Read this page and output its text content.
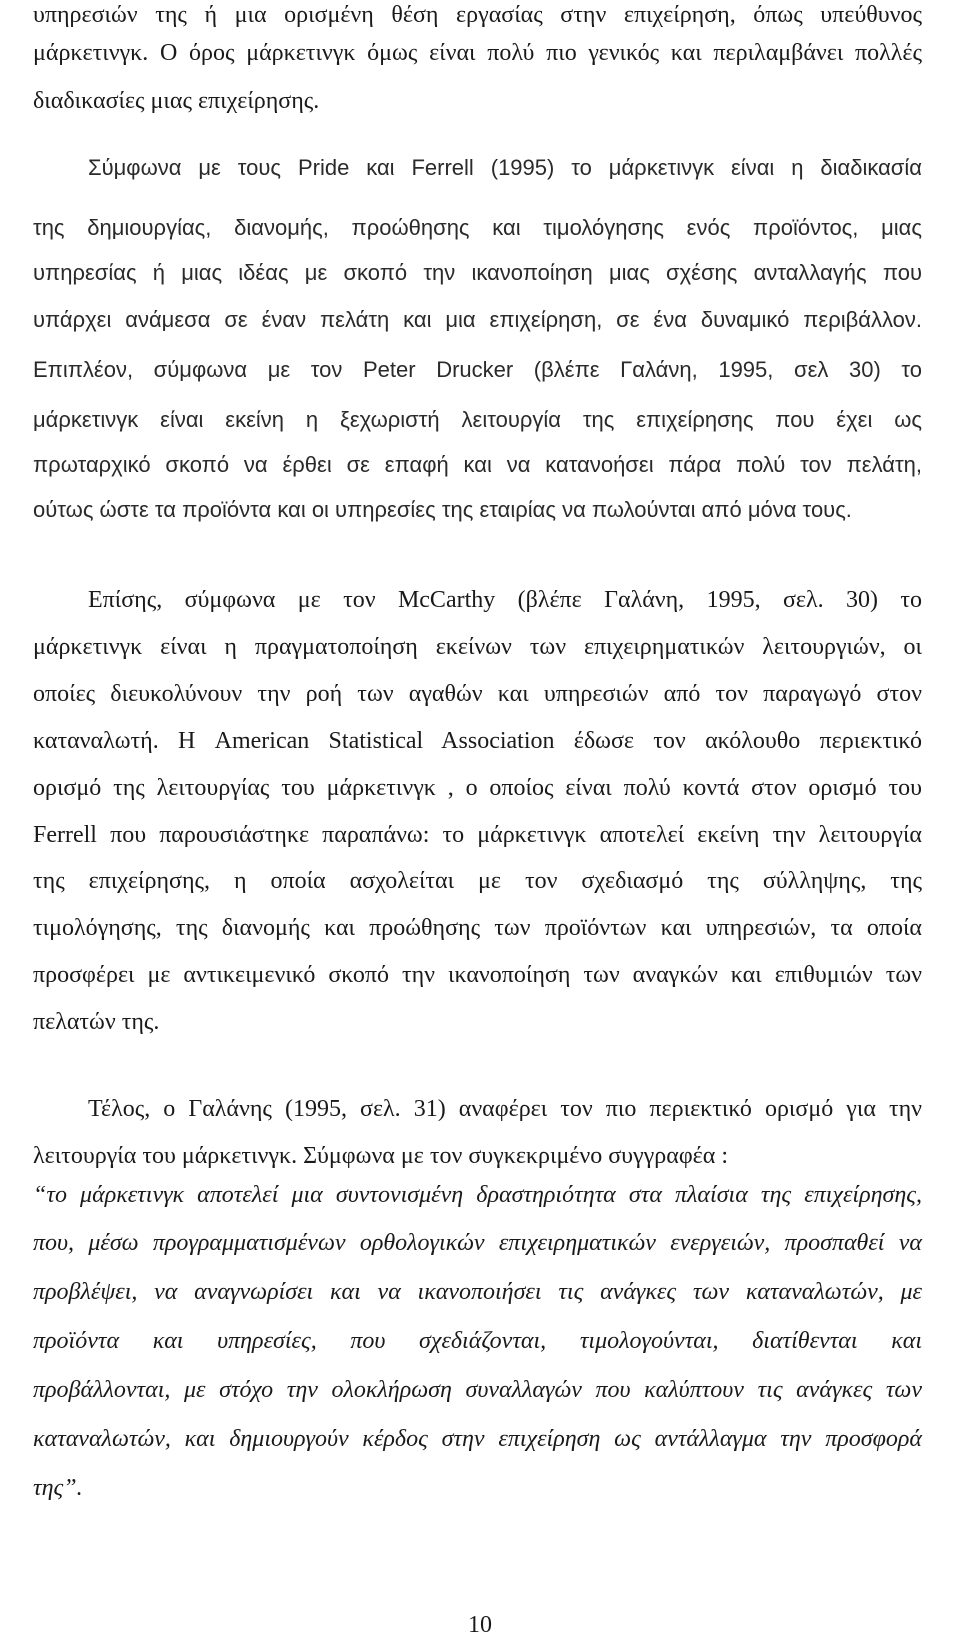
υπηρεσιών της ή μια ορισμένη θέση εργασίας στην επιχείρηση, όπως υπεύθυνος
μάρκετινγκ. Ο όρος μάρκετινγκ όμως είναι πολύ πιο γενικός και περιλαμβάνει πολλές
διαδικασίες μιας επιχείρησης.
Σύμφωνα με τους Pride και Ferrell (1995) το μάρκετινγκ είναι η διαδικασία
της δημιουργίας, διανομής, προώθησης και τιμολόγησης ενός προϊόντος, μιας
υπηρεσίας ή μιας ιδέας με σκοπό την ικανοποίηση μιας σχέσης ανταλλαγής που
υπάρχει ανάμεσα σε έναν πελάτη και μια επιχείρηση, σε ένα δυναμικό περιβάλλον.
Επιπλέον, σύμφωνα με τον Peter Drucker (βλέπε Γαλάνη, 1995, σελ 30) το
μάρκετινγκ είναι εκείνη η ξεχωριστή λειτουργία της επιχείρησης που έχει ως
πρωταρχικό σκοπό να έρθει σε επαφή και να κατανοήσει πάρα πολύ τον πελάτη,
ούτως ώστε τα προϊόντα και οι υπηρεσίες της εταιρίας να πωλούνται από μόνα τους.
Επίσης, σύμφωνα με τον McCarthy (βλέπε Γαλάνη, 1995, σελ. 30) το
μάρκετινγκ είναι η πραγματοποίηση εκείνων των επιχειρηματικών λειτουργιών, οι
οποίες διευκολύνουν την ροή των αγαθών και υπηρεσιών από τον παραγωγό στον
καταναλωτή. Η American Statistical Association έδωσε τον ακόλουθο περιεκτικό
ορισμό της λειτουργίας του μάρκετινγκ , ο οποίος είναι πολύ κοντά στον ορισμό του
Ferrell που παρουσιάστηκε παραπάνω: το μάρκετινγκ αποτελεί εκείνη την λειτουργία
της επιχείρησης, η οποία ασχολείται με τον σχεδιασμό της σύλληψης, της
τιμολόγησης, της διανομής και προώθησης των προϊόντων και υπηρεσιών, τα οποία
προσφέρει με αντικειμενικό σκοπό την ικανοποίηση των αναγκών και επιθυμιών των
πελατών της.
Τέλος, ο Γαλάνης (1995, σελ. 31) αναφέρει τον πιο περιεκτικό ορισμό για την
λειτουργία του μάρκετινγκ. Σύμφωνα με τον συγκεκριμένο συγγραφέα :
“το μάρκετινγκ αποτελεί μια συντονισμένη δραστηριότητα στα πλαίσια της επιχείρησης,
που, μέσω προγραμματισμένων ορθολογικών επιχειρηματικών ενεργειών, προσπαθεί να
προβλέψει, να αναγνωρίσει και να ικανοποιήσει τις ανάγκες των καταναλωτών, με
προϊόντα και υπηρεσίες, που σχεδιάζονται, τιμολογούνται, διατίθενται και
προβάλλονται, με στόχο την ολοκλήρωση συναλλαγών που καλύπτουν τις ανάγκες των
καταναλωτών, και δημιουργούν κέρδος στην επιχείρηση ως αντάλλαγμα την προσφορά
της”.
10
